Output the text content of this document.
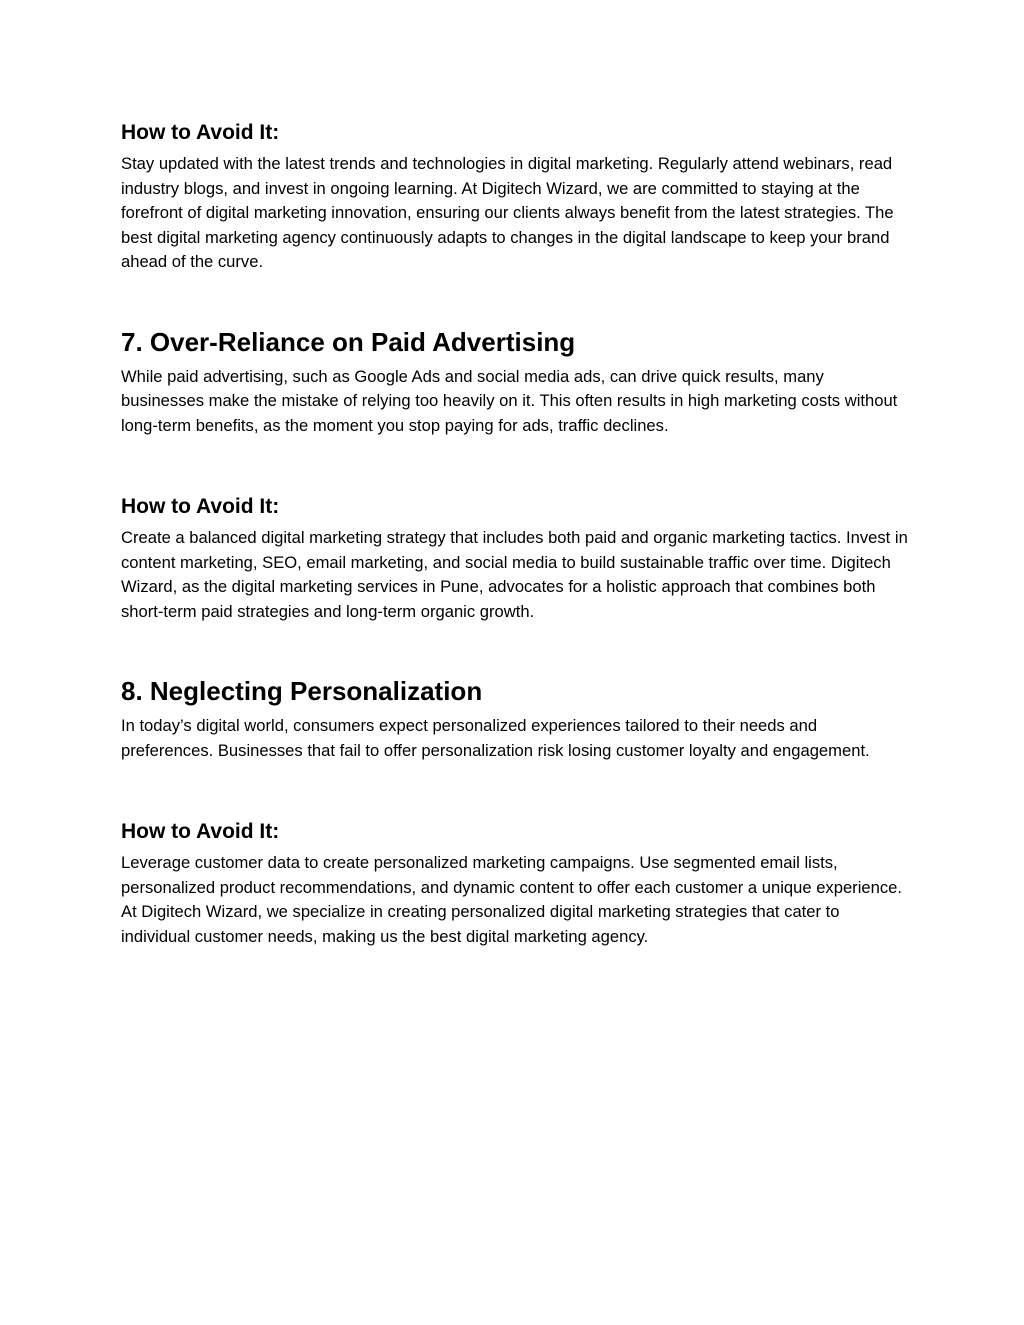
How to Avoid It:

Stay updated with the latest trends and technologies in digital marketing. Regularly attend webinars, read industry blogs, and invest in ongoing learning. At Digitech Wizard, we are committed to staying at the forefront of digital marketing innovation, ensuring our clients always benefit from the latest strategies. The best digital marketing agency continuously adapts to changes in the digital landscape to keep your brand ahead of the curve.

7. Over-Reliance on Paid Advertising

While paid advertising, such as Google Ads and social media ads, can drive quick results, many businesses make the mistake of relying too heavily on it. This often results in high marketing costs without long-term benefits, as the moment you stop paying for ads, traffic declines.

How to Avoid It:

Create a balanced digital marketing strategy that includes both paid and organic marketing tactics. Invest in content marketing, SEO, email marketing, and social media to build sustainable traffic over time. Digitech Wizard, as the digital marketing services in Pune, advocates for a holistic approach that combines both short-term paid strategies and long-term organic growth.

8. Neglecting Personalization

In today’s digital world, consumers expect personalized experiences tailored to their needs and preferences. Businesses that fail to offer personalization risk losing customer loyalty and engagement.

How to Avoid It:

Leverage customer data to create personalized marketing campaigns. Use segmented email lists, personalized product recommendations, and dynamic content to offer each customer a unique experience. At Digitech Wizard, we specialize in creating personalized digital marketing strategies that cater to individual customer needs, making us the best digital marketing agency.
